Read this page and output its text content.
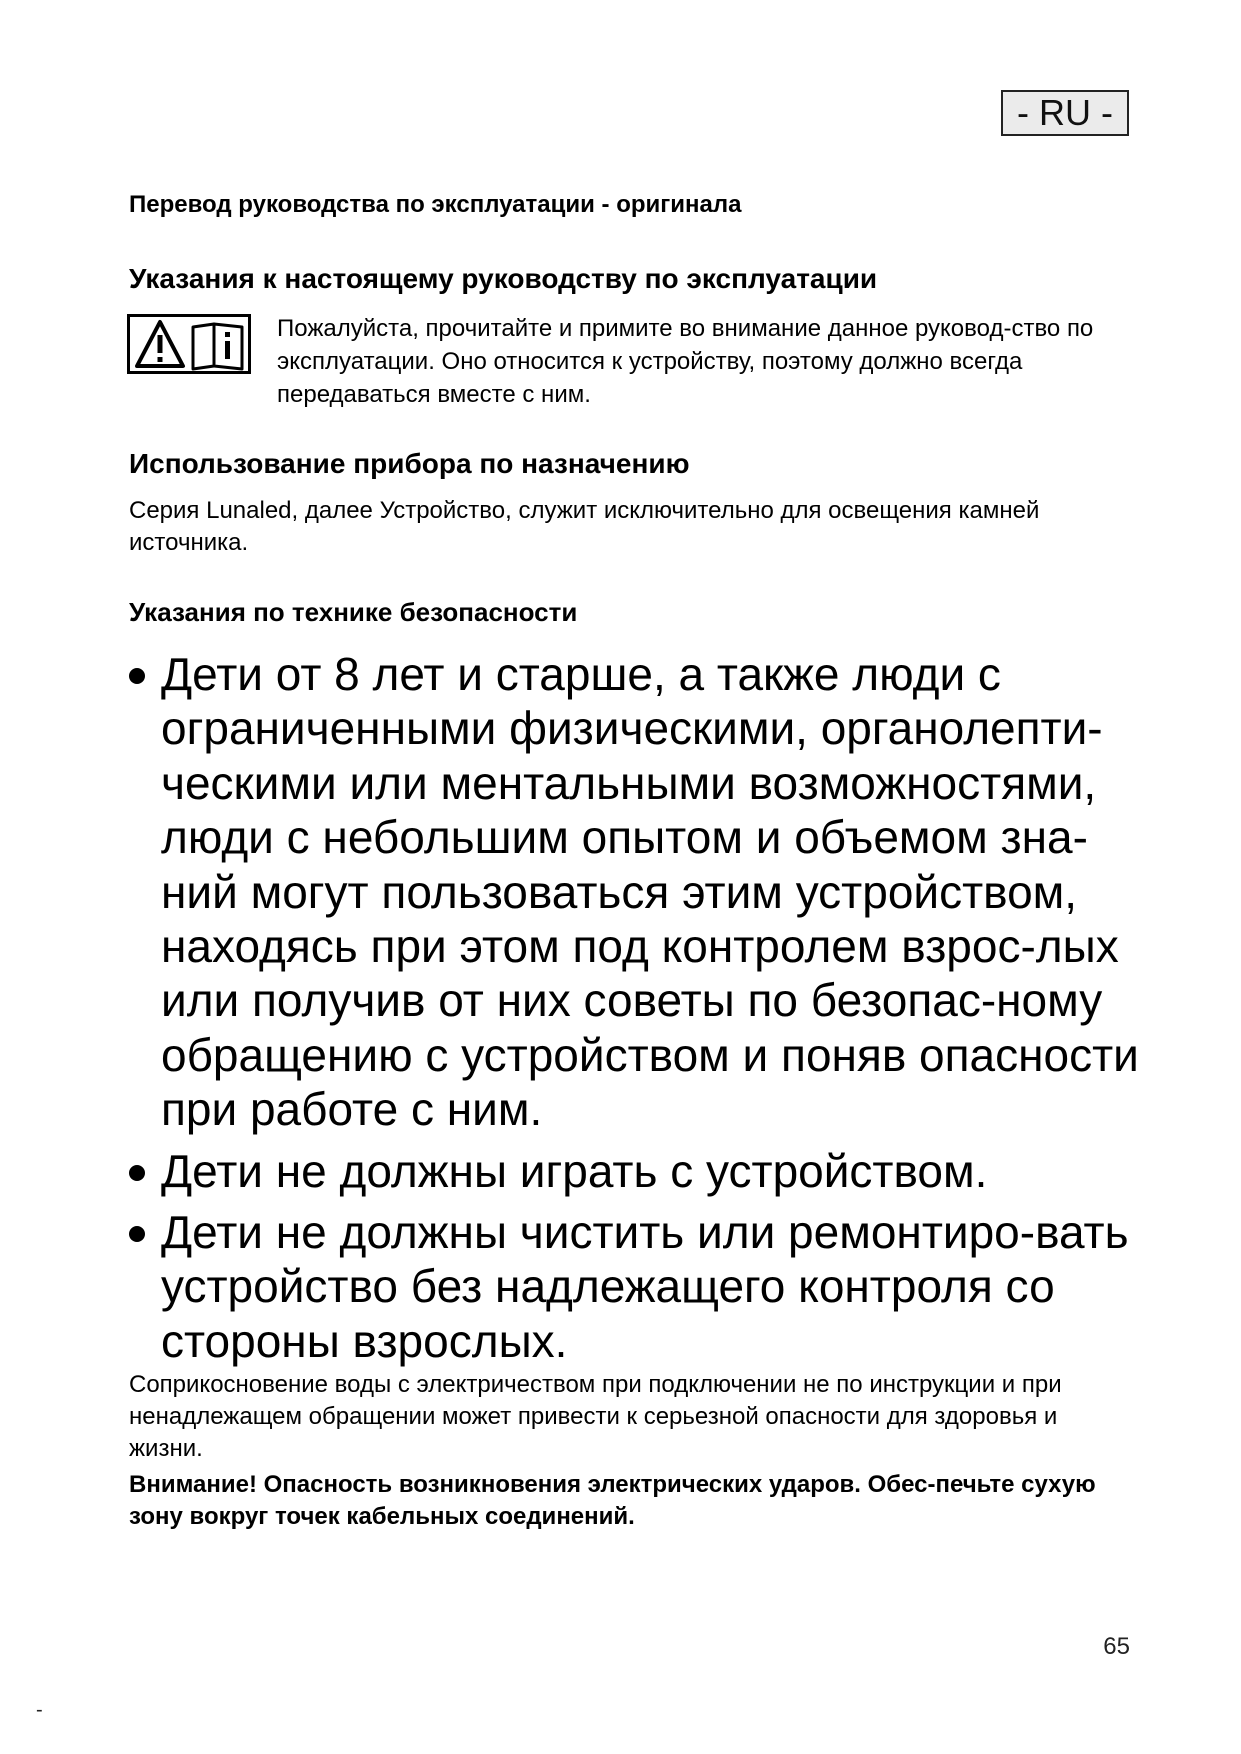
- RU -
Перевод руководства по эксплуатации - оригинала
Указания к настоящему руководству по эксплуатации
Пожалуйста, прочитайте и примите во внимание данное руковод-ство по эксплуатации. Оно относится к устройству, поэтому должно всегда передаваться вместе с ним.
Использование прибора по назначению
Серия Lunaled, далее Устройство, служит исключительно для освещения камней источника.
Указания по технике безопасности
Дети от 8 лет и старше, а также люди с ограниченными физическими, органолепти-ческими или ментальными возможностями, люди с небольшим опытом и объемом зна-ний могут пользоваться этим устройством, находясь при этом под контролем взрос-лых или получив от них советы по безопас-ному обращению с устройством и поняв опасности при работе с ним.
Дети не должны играть с устройством.
Дети не должны чистить или ремонтиро-вать устройство без надлежащего контроля со стороны взрослых.
Соприкосновение воды с электричеством при подключении не по инструкции и при ненадлежащем обращении может привести к серьезной опасности для здоровья и жизни.
Внимание! Опасность возникновения электрических ударов. Обес-печьте сухую зону вокруг точек кабельных соединений.
65
-
